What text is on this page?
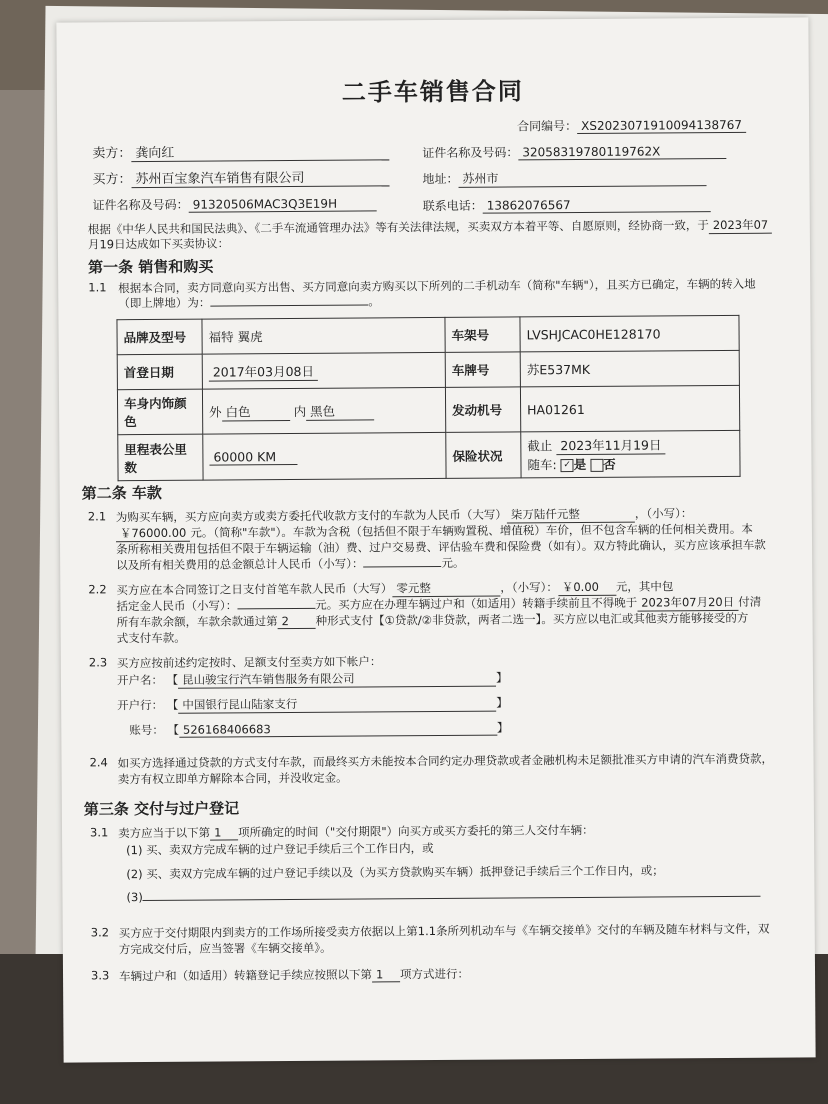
二手车销售合同
合同编号： XS2023071910094138767
卖方： 龚向红	证件名称及号码： 32058319780119762X
买方： 苏州百宝象汽车销售有限公司	地址： 苏州市
证件名称及号码： 91320506MAC3Q3E19H	联系电话： 13862076567
根据《中华人民共和国民法典》、《二手车流通管理办法》等有关法律法规，买卖双方本着平等、自愿原则，经协商一致，于 2023年07
月19日达成如下买卖协议：
第一条 销售和购买
1.1 根据本合同，卖方同意向买方出售、买方同意向卖方购买以下所列的二手机动车（简称"车辆"），且买方已确定，车辆的转入地
（即上牌地）为：	。
品牌及型号	福特 翼虎	车架号	LVSHJCAC0HE128170
首登日期	2017年03月08日	车牌号	苏E537MK
车身内饰颜色	外 白色 内 黑色	发动机号	HA01261
里程表公里数	60000 KM	保险状况	截止 2023年11月19日
随车: ✓ 是 否
第二条 车款
2.1 为购买车辆，买方应向卖方或卖方委托代收款方支付的车款为人民币（大写） 柒万陆仟元整	，（小写）：
￥76000.00 元。（简称"车款"）。车款为含税（包括但不限于车辆购置税、增值税）车价，但不包含车辆的任何相关费用。本
条所称相关费用包括但不限于车辆运输（油）费、过户交易费、评估验车费和保险费（如有）。双方特此确认，买方应该承担车款
以及所有相关费用的总金额总计人民币（小写）：	元。
2.2 买方应在本合同签订之日支付首笔车款人民币（大写） 零元整	，（小写）： ￥0.00 元，其中包
括定金人民币（小写）：	元。买方应在办理车辆过户和（如适用）转籍手续前且不得晚于 2023年07月20日 付清
所有车款余额，车款余款通过第 2 种形式支付【①贷款/②非贷款，两者二选一】。买方应以电汇或其他卖方能够接受的方
式支付车款。
2.3 买方应按前述约定按时、足额支付至卖方如下帐户：
开户名： 【 昆山骏宝行汽车销售服务有限公司	】
开户行： 【 中国银行昆山陆家支行	】
账号： 【 526168406683	】
2.4 如买方选择通过贷款的方式支付车款，而最终买方未能按本合同约定办理贷款或者金融机构未足额批准买方申请的汽车消费贷款，
卖方有权立即单方解除本合同，并没收定金。
第三条 交付与过户登记
3.1 卖方应当于以下第 1 项所确定的时间（"交付期限"）向买方或买方委托的第三人交付车辆：
(1) 买、卖双方完成车辆的过户登记手续后三个工作日内，或
(2) 买、卖双方完成车辆的过户登记手续以及（为买方贷款购买车辆）抵押登记手续后三个工作日内，或；
(3)
3.2 买方应于交付期限内到卖方的工作场所接受卖方依据以上第1.1条所列机动车与《车辆交接单》交付的车辆及随车材料与文件，双
方完成交付后，应当签署《车辆交接单》。
3.3 车辆过户和（如适用）转籍登记手续应按照以下第 1 项方式进行：
